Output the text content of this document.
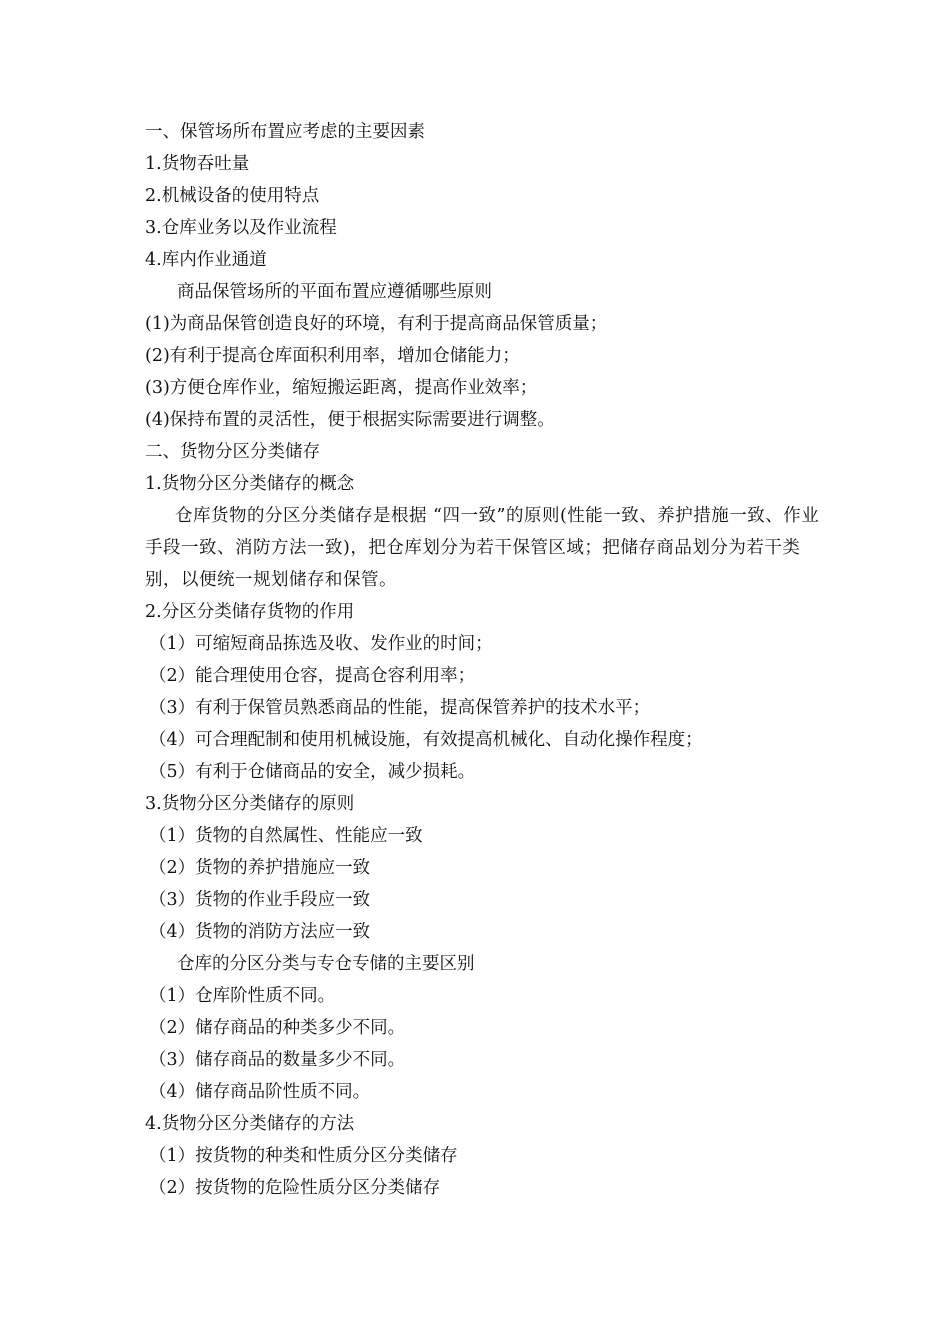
一、保管场所布置应考虑的主要因素
1.货物吞吐量
2.机械设备的使用特点
3.仓库业务以及作业流程
4.库内作业通道
商品保管场所的平面布置应遵循哪些原则
(1)为商品保管创造良好的环境，有利于提高商品保管质量；
(2)有利于提高仓库面积利用率，增加仓储能力；
(3)方便仓库作业，缩短搬运距离，提高作业效率；
(4)保持布置的灵活性，便于根据实际需要进行调整。
二、货物分区分类储存
1.货物分区分类储存的概念

仓库货物的分区分类储存是根据 “四一致”的原则(性能一致、养护措施一致、作业手段一致、消防方法一致)，把仓库划分为若干保管区域；把储存商品划分为若干类别，以便统一规划储存和保管。

2.分区分类储存货物的作用
（1）可缩短商品拣选及收、发作业的时间；
（2）能合理使用仓容，提高仓容利用率；
（3）有利于保管员熟悉商品的性能，提高保管养护的技术水平；
（4）可合理配制和使用机械设施，有效提高机械化、自动化操作程度；
（5）有利于仓储商品的安全，减少损耗。
3.货物分区分类储存的原则
（1）货物的自然属性、性能应一致
（2）货物的养护措施应一致
（3）货物的作业手段应一致
（4）货物的消防方法应一致
仓库的分区分类与专仓专储的主要区别
（1）仓库阶性质不同。
（2）储存商品的种类多少不同。
（3）储存商品的数量多少不同。
（4）储存商品阶性质不同。
4.货物分区分类储存的方法
（1）按货物的种类和性质分区分类储存
（2）按货物的危险性质分区分类储存
